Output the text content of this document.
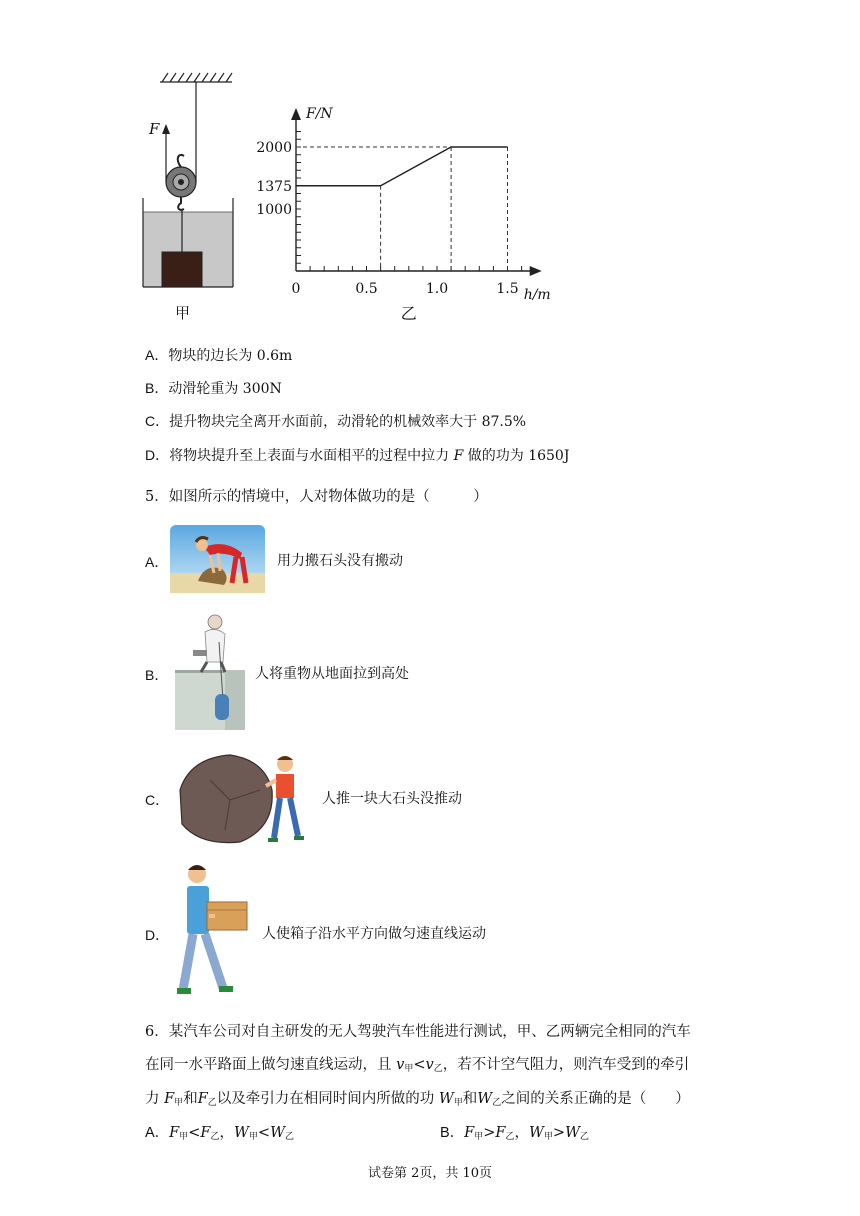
F
甲
2000
1375
1000
0	0.5	1.0	1.5
F/N
h/m
乙
A．物块的边长为 0.6m
B．动滑轮重为 300N
C．提升物块完全离开水面前，动滑轮的机械效率大于 87.5%
D．将物块提升至上表面与水面相平的过程中拉力 F 做的功为 1650J
5．如图所示的情境中，人对物体做功的是（　　　）
A．	用力搬石头没有搬动
B．	人将重物从地面拉到高处
C．	人推一块大石头没推动
D．	人使箱子沿水平方向做匀速直线运动
6．某汽车公司对自主研发的无人驾驶汽车性能进行测试，甲、乙两辆完全相同的汽车
在同一水平路面上做匀速直线运动，且 $v_甲<v_乙$，若不计空气阻力，则汽车受到的牵引
力 $F_甲$和$F_乙$以及牵引力在相同时间内所做的功 $W_甲$和$W_乙$之间的关系正确的是（　　）
A．$F_甲<F_乙$，$W_甲<W_乙$	B．$F_甲>F_乙$，$W_甲>W_乙$
试卷第 2页，共 10页
